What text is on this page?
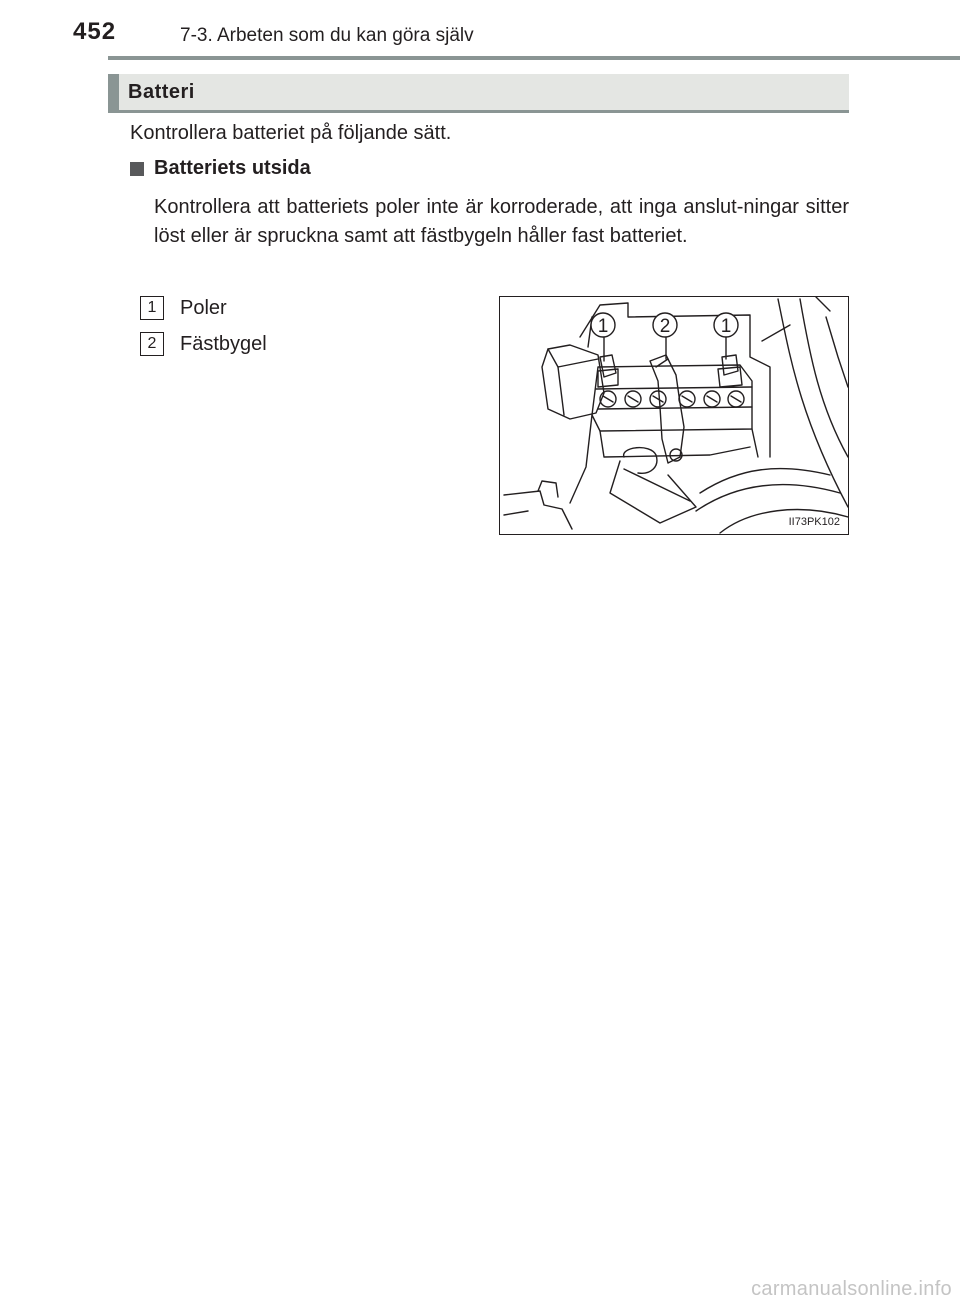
452	7-3. Arbeten som du kan göra själv
Batteri
Kontrollera batteriet på följande sätt.
Batteriets utsida
Kontrollera att batteriets poler inte är korroderade, att inga anslut-ningar sitter löst eller är spruckna samt att fästbygeln håller fast batteriet.
1	Poler
2	Fästbygel
1	2	1
II73PK102
carmanualsonline.info
